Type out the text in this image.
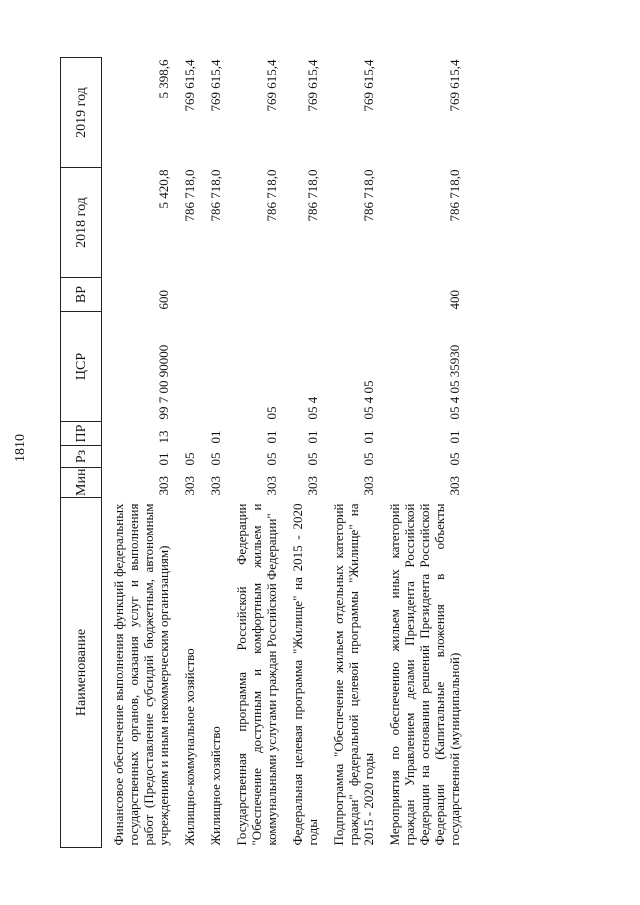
1810
Наименование	Мин	Рз	ПР	ЦСР	ВР	2018 год	2019 год
Финансовое обеспечение выполнения функций федеральных государственных органов, оказания услуг и выполнения работ (Предоставление субсидий бюджетным, автономным учреждениям и иным некоммерческим организациям)	303	01	13	99 7 00 90000	600	5 420,8	5 398,6
Жилищно-коммунальное хозяйство	303	05				786 718,0	769 615,4
Жилищное хозяйство	303	05	01			786 718,0	769 615,4
Государственная программа Российской Федерации "Обеспечение доступным и комфортным жильем и коммунальными услугами граждан Российской Федерации"	303	05	01	05		786 718,0	769 615,4
Федеральная целевая программа "Жилище" на 2015 - 2020 годы	303	05	01	05 4		786 718,0	769 615,4
Подпрограмма "Обеспечение жильем отдельных категорий граждан" федеральной целевой программы "Жилище" на 2015 - 2020 годы	303	05	01	05 4 05		786 718,0	769 615,4
Мероприятия по обеспечению жильем иных категорий граждан Управлением делами Президента Российской Федерации на основании решений Президента Российской Федерации (Капитальные вложения в объекты государственной (муниципальной)	303	05	01	05 4 05 35930	400	786 718,0	769 615,4
